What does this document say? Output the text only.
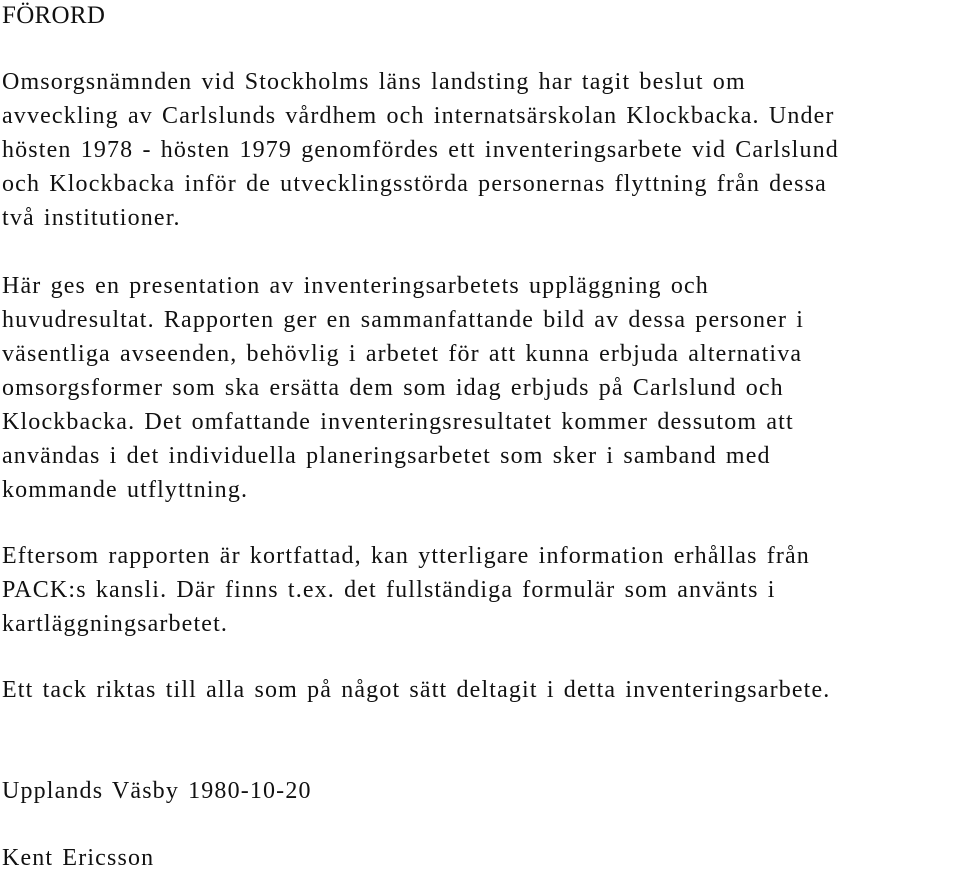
FÖRORD

Omsorgsnämnden vid Stockholms läns landsting har tagit beslut om
avveckling av Carlslunds vårdhem och internatsärskolan Klockbacka. Under
hösten 1978 - hösten 1979 genomfördes ett inventeringsarbete vid Carlslund
och Klockbacka inför de utvecklingsstörda personernas flyttning från dessa
två institutioner.

Här ges en presentation av inventeringsarbetets uppläggning och
huvudresultat. Rapporten ger en sammanfattande bild av dessa personer i
väsentliga avseenden, behövlig i arbetet för att kunna erbjuda alternativa
omsorgsformer som ska ersätta dem som idag erbjuds på Carlslund och
Klockbacka. Det omfattande inventeringsresultatet kommer dessutom att
användas i det individuella planeringsarbetet som sker i samband med
kommande utflyttning.

Eftersom rapporten är kortfattad, kan ytterligare information erhållas från
PACK:s kansli. Där finns t.ex. det fullständiga formulär som använts i
kartläggningsarbetet.

Ett tack riktas till alla som på något sätt deltagit i detta inventeringsarbete.

Upplands Väsby 1980-10-20

Kent Ericsson
